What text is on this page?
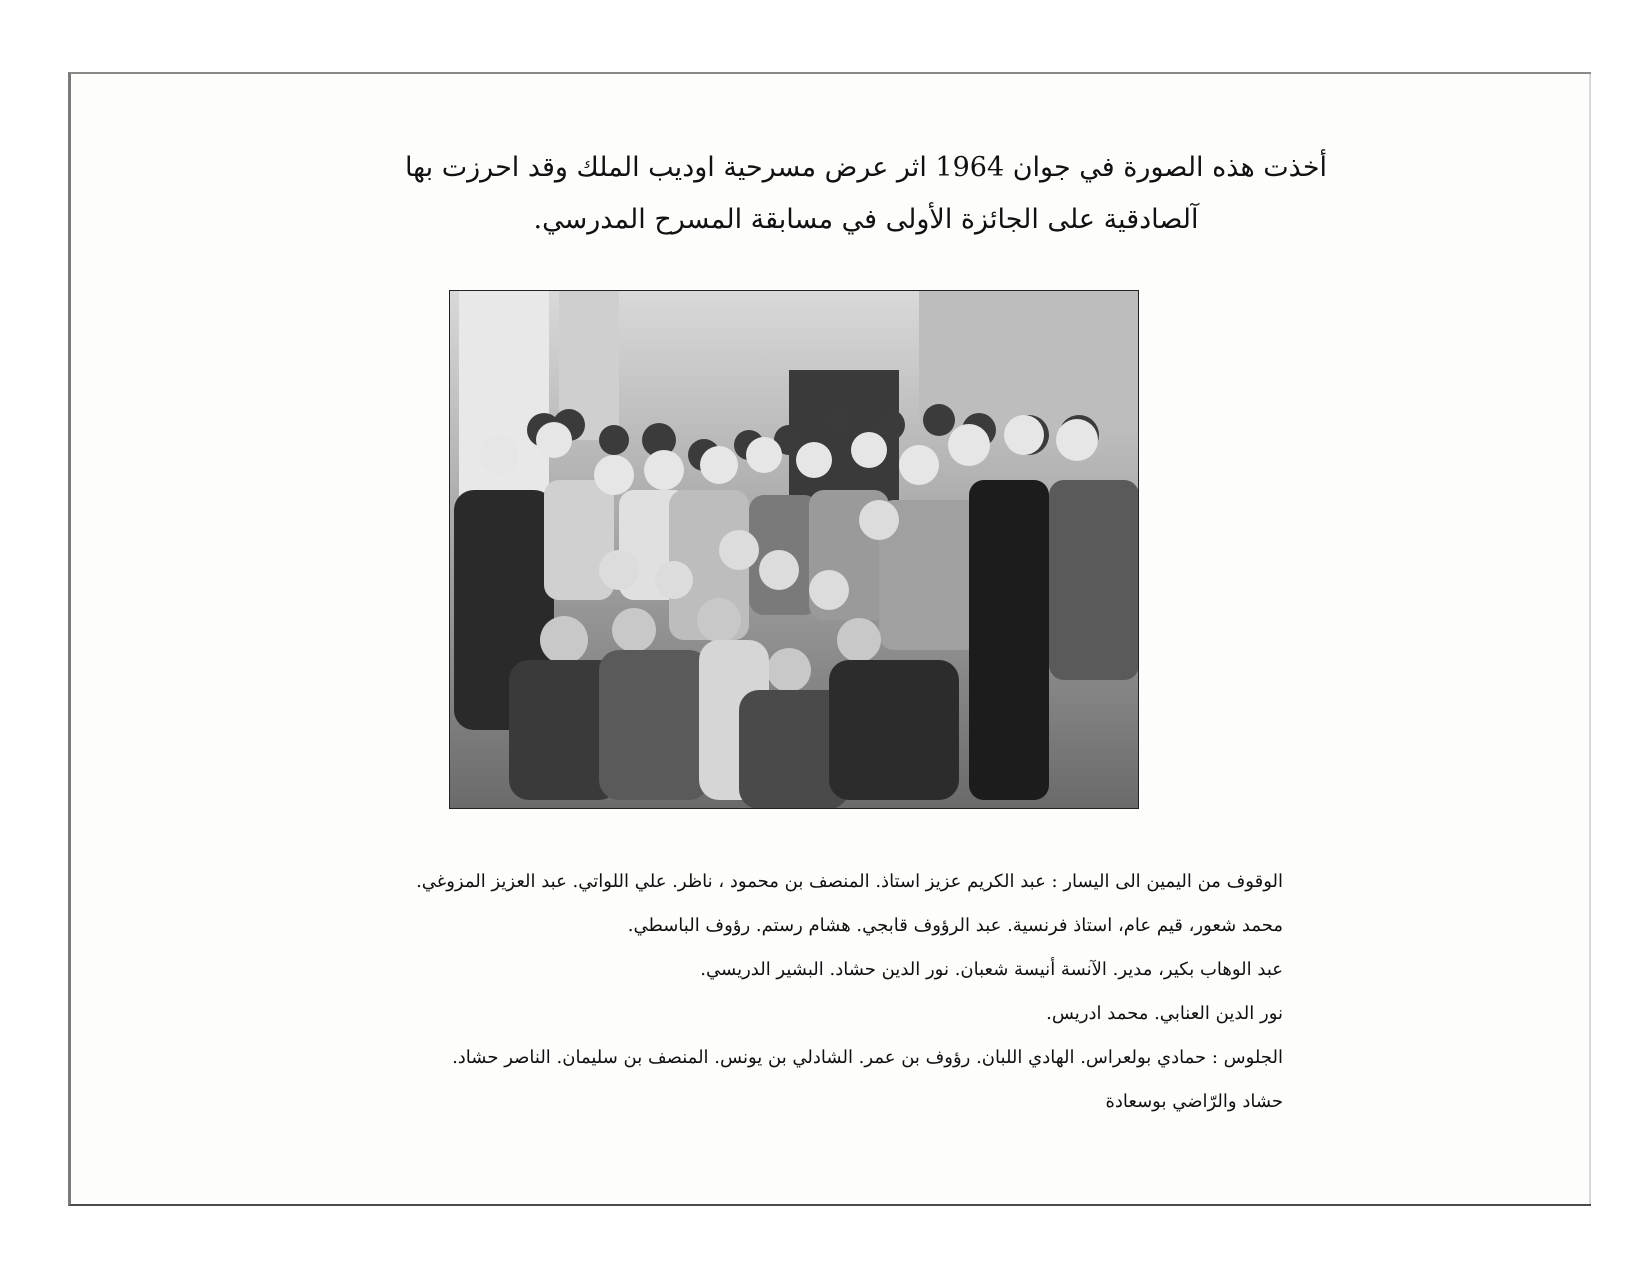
أخذت هذه الصورة في جوان 1964 اثر عرض مسرحية اوديب الملك وقد احرزت بها
آلصادقية على الجائزة الأولى في مسابقة المسرح المدرسي.
الوقوف من اليمين الى اليسار : عبد الكريم عزيز استاذ. المنصف بن محمود ، ناظر. علي اللواتي. عبد العزيز المزوغي.
محمد شعور، قيم عام، استاذ فرنسية. عبد الرؤوف قابجي. هشام رستم. رؤوف الباسطي.
عبد الوهاب بكير، مدير. الآنسة أنيسة شعبان. نور الدين حشاد. البشير الدريسي.
نور الدين العنابي. محمد ادريس.
الجلوس : حمادي بولعراس. الهادي اللبان. رؤوف بن عمر. الشادلي بن يونس. المنصف بن سليمان. الناصر حشاد.
حشاد والرّاضي بوسعادة
